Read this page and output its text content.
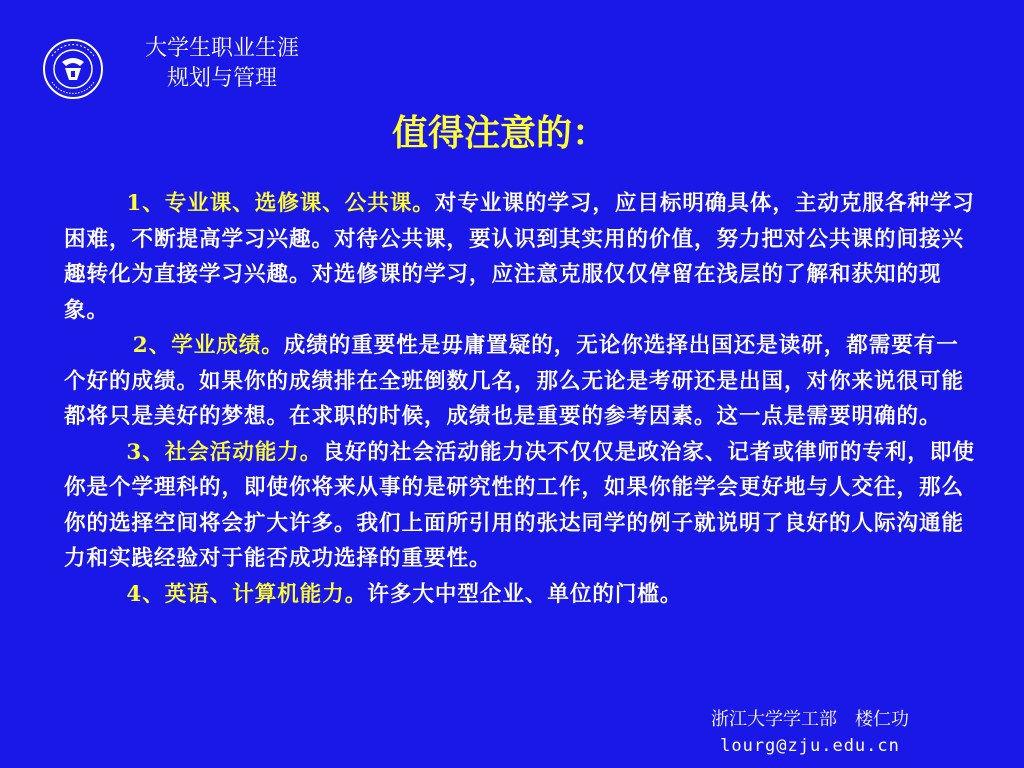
大学生职业生涯
规划与管理
值得注意的：

1、专业课、选修课、公共课。对专业课的学习，应目标明确具体，主动克服各种学习困难，不断提高学习兴趣。对待公共课，要认识到其实用的价值，努力把对公共课的间接兴趣转化为直接学习兴趣。对选修课的学习，应注意克服仅仅停留在浅层的了解和获知的现象。

2、学业成绩。成绩的重要性是毋庸置疑的，无论你选择出国还是读研，都需要有一个好的成绩。如果你的成绩排在全班倒数几名，那么无论是考研还是出国，对你来说很可能都将只是美好的梦想。在求职的时候，成绩也是重要的参考因素。这一点是需要明确的。

3、社会活动能力。良好的社会活动能力决不仅仅是政治家、记者或律师的专利，即使你是个学理科的，即使你将来从事的是研究性的工作，如果你能学会更好地与人交往，那么你的选择空间将会扩大许多。我们上面所引用的张达同学的例子就说明了良好的人际沟通能力和实践经验对于能否成功选择的重要性。

4、英语、计算机能力。许多大中型企业、单位的门槛。

浙江大学学工部　楼仁功
lourg@zju.edu.cn
